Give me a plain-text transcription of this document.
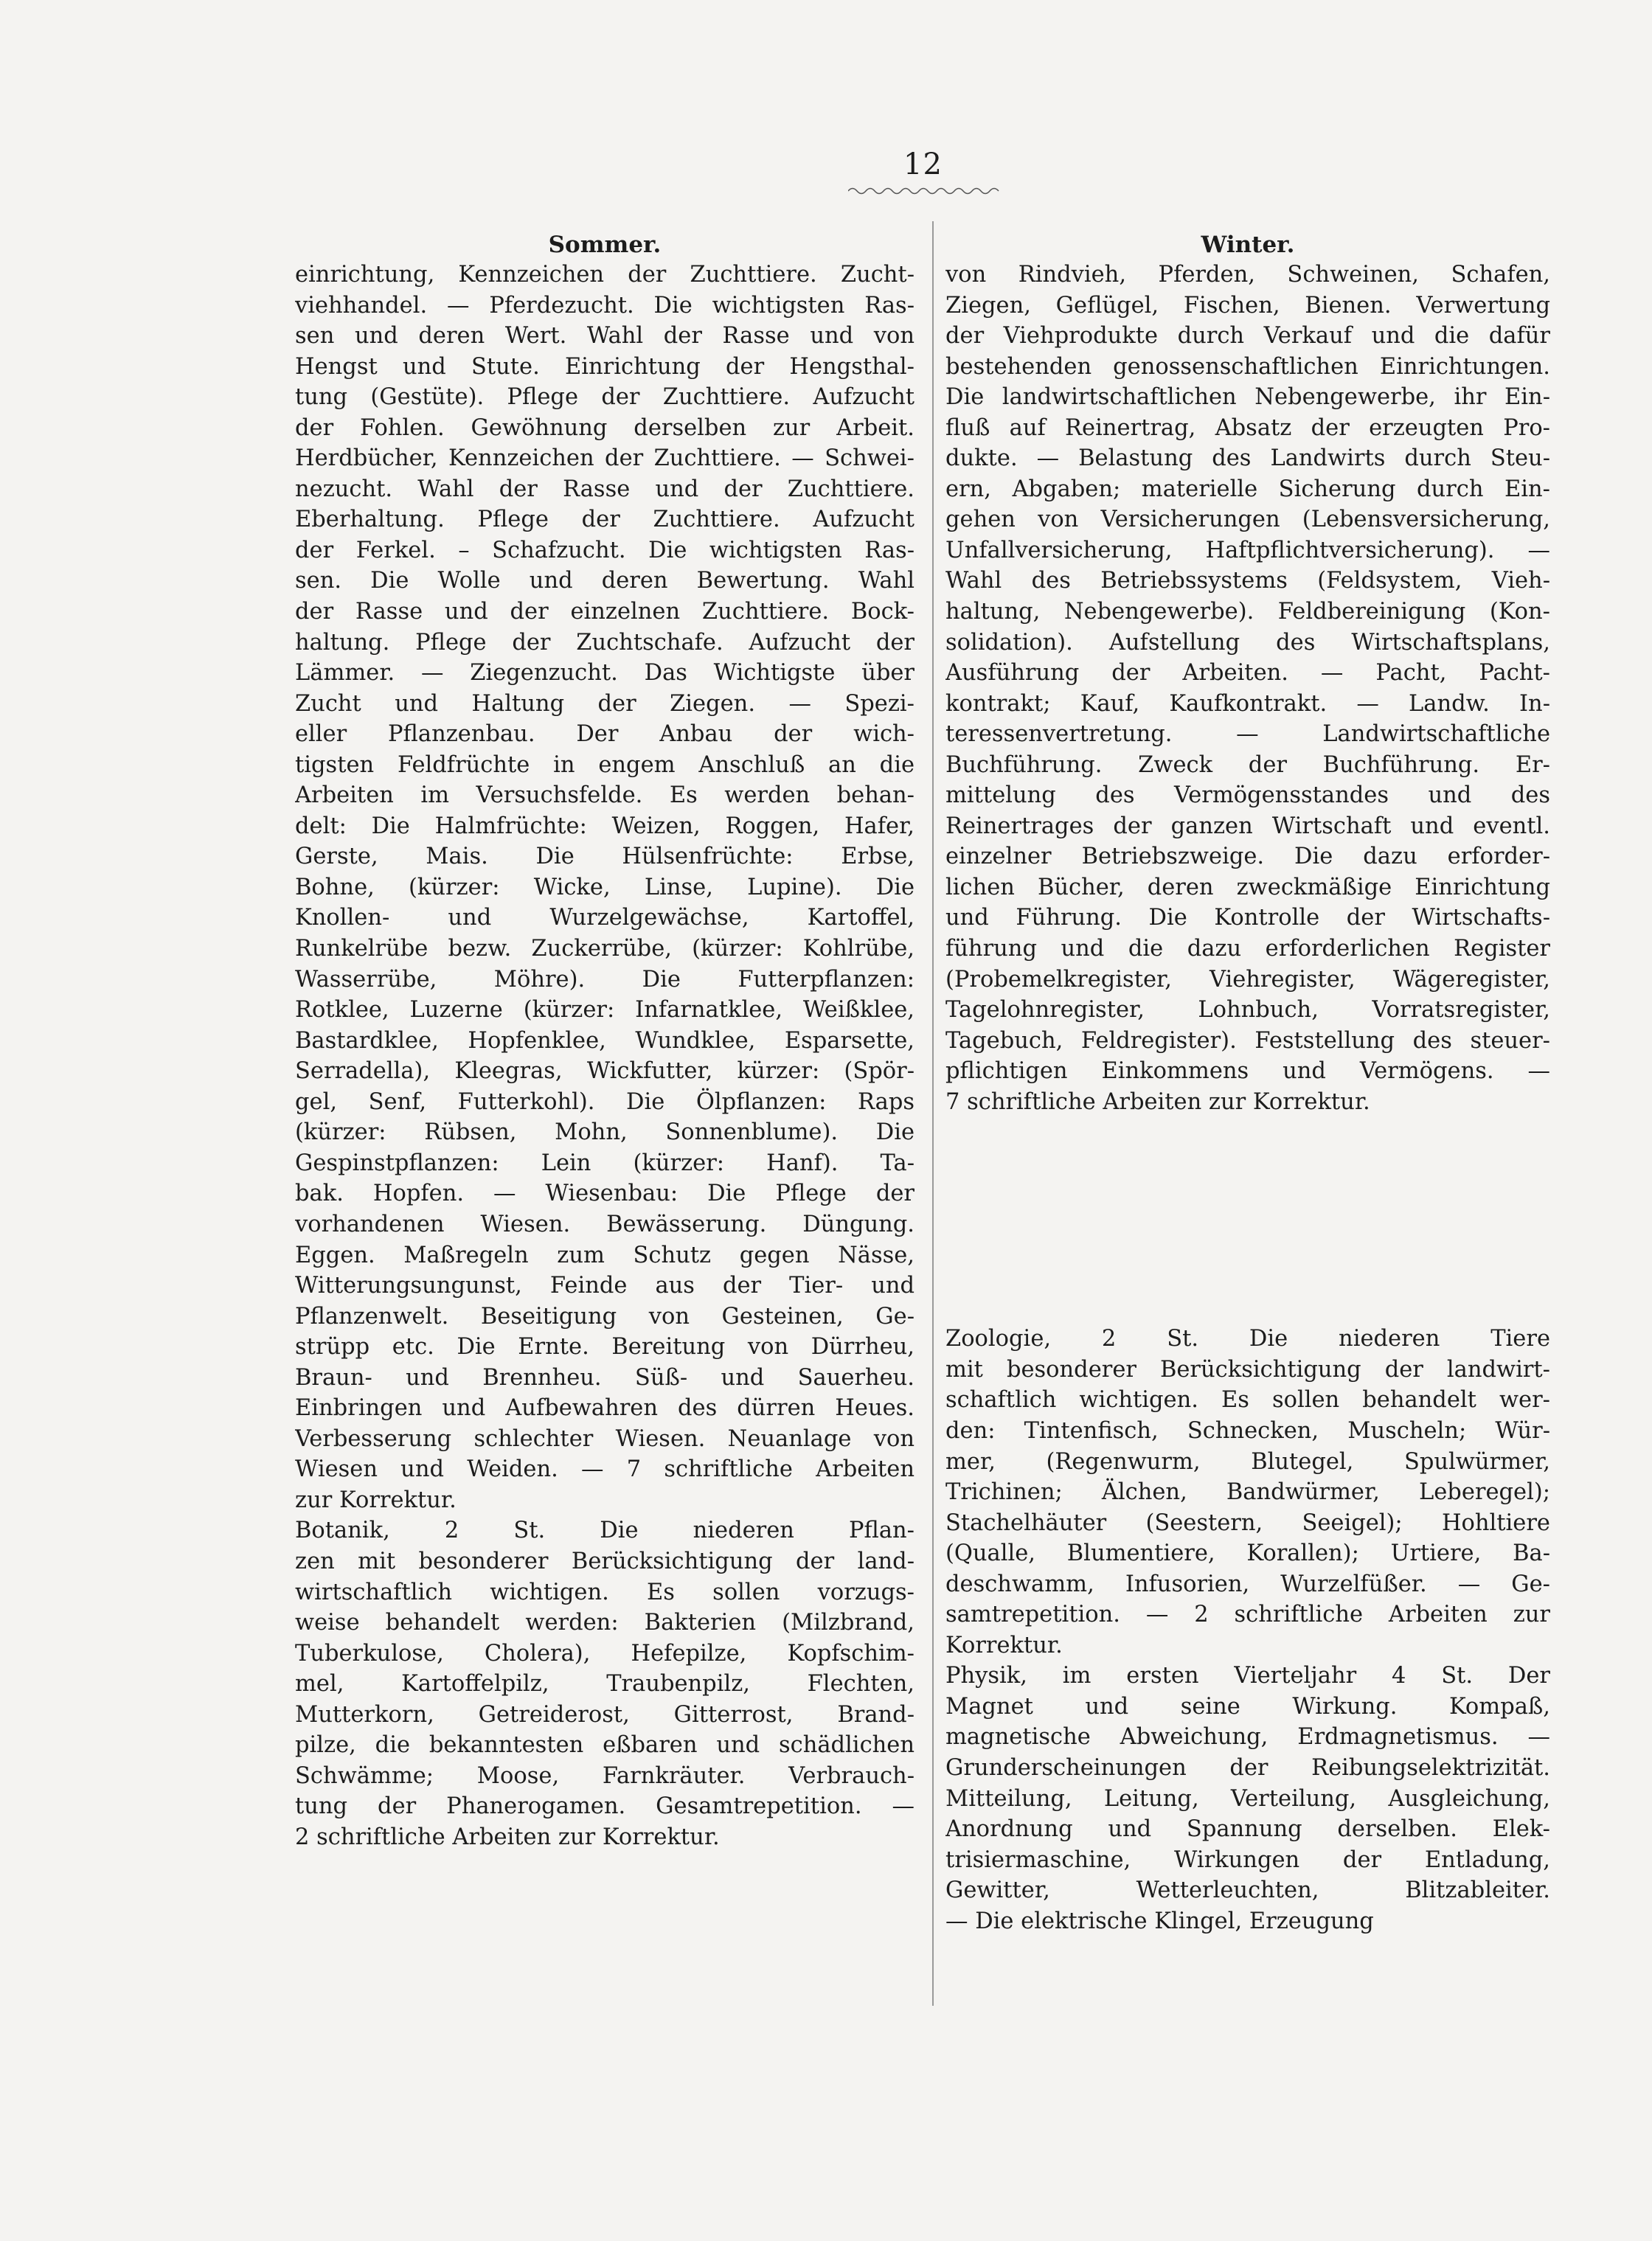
12
Sommer.
einrichtung, Kennzeichen der Zuchttiere. Zucht-
viehhandel. — Pferdezucht. Die wichtigsten Ras-
sen und deren Wert. Wahl der Rasse und von
Hengst und Stute. Einrichtung der Hengsthal-
tung (Gestüte). Pflege der Zuchttiere. Aufzucht
der Fohlen. Gewöhnung derselben zur Arbeit.
Herdbücher, Kennzeichen der Zuchttiere. — Schwei-
nezucht. Wahl der Rasse und der Zuchttiere.
Eberhaltung. Pflege der Zuchttiere. Aufzucht
der Ferkel. – Schafzucht. Die wichtigsten Ras-
sen. Die Wolle und deren Bewertung. Wahl
der Rasse und der einzelnen Zuchttiere. Bock-
haltung. Pflege der Zuchtschafe. Aufzucht der
Lämmer. — Ziegenzucht. Das Wichtigste über
Zucht und Haltung der Ziegen. — Spezi-
eller Pflanzenbau. Der Anbau der wich-
tigsten Feldfrüchte in engem Anschluß an die
Arbeiten im Versuchsfelde. Es werden behan-
delt: Die Halmfrüchte: Weizen, Roggen, Hafer,
Gerste, Mais. Die Hülsenfrüchte: Erbse,
Bohne, (kürzer: Wicke, Linse, Lupine). Die
Knollen- und Wurzelgewächse, Kartoffel,
Runkelrübe bezw. Zuckerrübe, (kürzer: Kohlrübe,
Wasserrübe, Möhre). Die Futterpflanzen:
Rotklee, Luzerne (kürzer: Infarnatklee, Weißklee,
Bastardklee, Hopfenklee, Wundklee, Esparsette,
Serradella), Kleegras, Wickfutter, kürzer: (Spör-
gel, Senf, Futterkohl). Die Ölpflanzen: Raps
(kürzer: Rübsen, Mohn, Sonnenblume). Die
Gespinstpflanzen: Lein (kürzer: Hanf). Ta-
bak. Hopfen. — Wiesenbau: Die Pflege der
vorhandenen Wiesen. Bewässerung. Düngung.
Eggen. Maßregeln zum Schutz gegen Nässe,
Witterungsungunst, Feinde aus der Tier- und
Pflanzenwelt. Beseitigung von Gesteinen, Ge-
strüpp etc. Die Ernte. Bereitung von Dürrheu,
Braun- und Brennheu. Süß- und Sauerheu.
Einbringen und Aufbewahren des dürren Heues.
Verbesserung schlechter Wiesen. Neuanlage von
Wiesen und Weiden. — 7 schriftliche Arbeiten
zur Korrektur.
Botanik, 2 St. Die niederen Pflan-
zen mit besonderer Berücksichtigung der land-
wirtschaftlich wichtigen. Es sollen vorzugs-
weise behandelt werden: Bakterien (Milzbrand,
Tuberkulose, Cholera), Hefepilze, Kopfschim-
mel, Kartoffelpilz, Traubenpilz, Flechten,
Mutterkorn, Getreiderost, Gitterrost, Brand-
pilze, die bekanntesten eßbaren und schädlichen
Schwämme; Moose, Farnkräuter. Verbrauch-
tung der Phanerogamen. Gesamtrepetition. —
2 schriftliche Arbeiten zur Korrektur.
Winter.
von Rindvieh, Pferden, Schweinen, Schafen,
Ziegen, Geflügel, Fischen, Bienen. Verwertung
der Viehprodukte durch Verkauf und die dafür
bestehenden genossenschaftlichen Einrichtungen.
Die landwirtschaftlichen Nebengewerbe, ihr Ein-
fluß auf Reinertrag, Absatz der erzeugten Pro-
dukte. — Belastung des Landwirts durch Steu-
ern, Abgaben; materielle Sicherung durch Ein-
gehen von Versicherungen (Lebensversicherung,
Unfallversicherung, Haftpflichtversicherung). —
Wahl des Betriebssystems (Feldsystem, Vieh-
haltung, Nebengewerbe). Feldbereinigung (Kon-
solidation). Aufstellung des Wirtschaftsplans,
Ausführung der Arbeiten. — Pacht, Pacht-
kontrakt; Kauf, Kaufkontrakt. — Landw. In-
teressenvertretung. — Landwirtschaftliche
Buchführung. Zweck der Buchführung. Er-
mittelung des Vermögensstandes und des
Reinertrages der ganzen Wirtschaft und eventl.
einzelner Betriebszweige. Die dazu erforder-
lichen Bücher, deren zweckmäßige Einrichtung
und Führung. Die Kontrolle der Wirtschafts-
führung und die dazu erforderlichen Register
(Probemelkregister, Viehregister, Wägeregister,
Tagelohnregister, Lohnbuch, Vorratsregister,
Tagebuch, Feldregister). Feststellung des steuer-
pflichtigen Einkommens und Vermögens. —
7 schriftliche Arbeiten zur Korrektur.
Zoologie, 2 St. Die niederen Tiere
mit besonderer Berücksichtigung der landwirt-
schaftlich wichtigen. Es sollen behandelt wer-
den: Tintenfisch, Schnecken, Muscheln; Wür-
mer, (Regenwurm, Blutegel, Spulwürmer,
Trichinen; Älchen, Bandwürmer, Leberegel);
Stachelhäuter (Seestern, Seeigel); Hohltiere
(Qualle, Blumentiere, Korallen); Urtiere, Ba-
deschwamm, Infusorien, Wurzelfüßer. — Ge-
samtrepetition. — 2 schriftliche Arbeiten zur
Korrektur.
Physik, im ersten Vierteljahr 4 St. Der
Magnet und seine Wirkung. Kompaß,
magnetische Abweichung, Erdmagnetismus. —
Grunderscheinungen der Reibungselektrizität.
Mitteilung, Leitung, Verteilung, Ausgleichung,
Anordnung und Spannung derselben. Elek-
trisiermaschine, Wirkungen der Entladung,
Gewitter, Wetterleuchten, Blitzableiter.
— Die elektrische Klingel, Erzeugung
